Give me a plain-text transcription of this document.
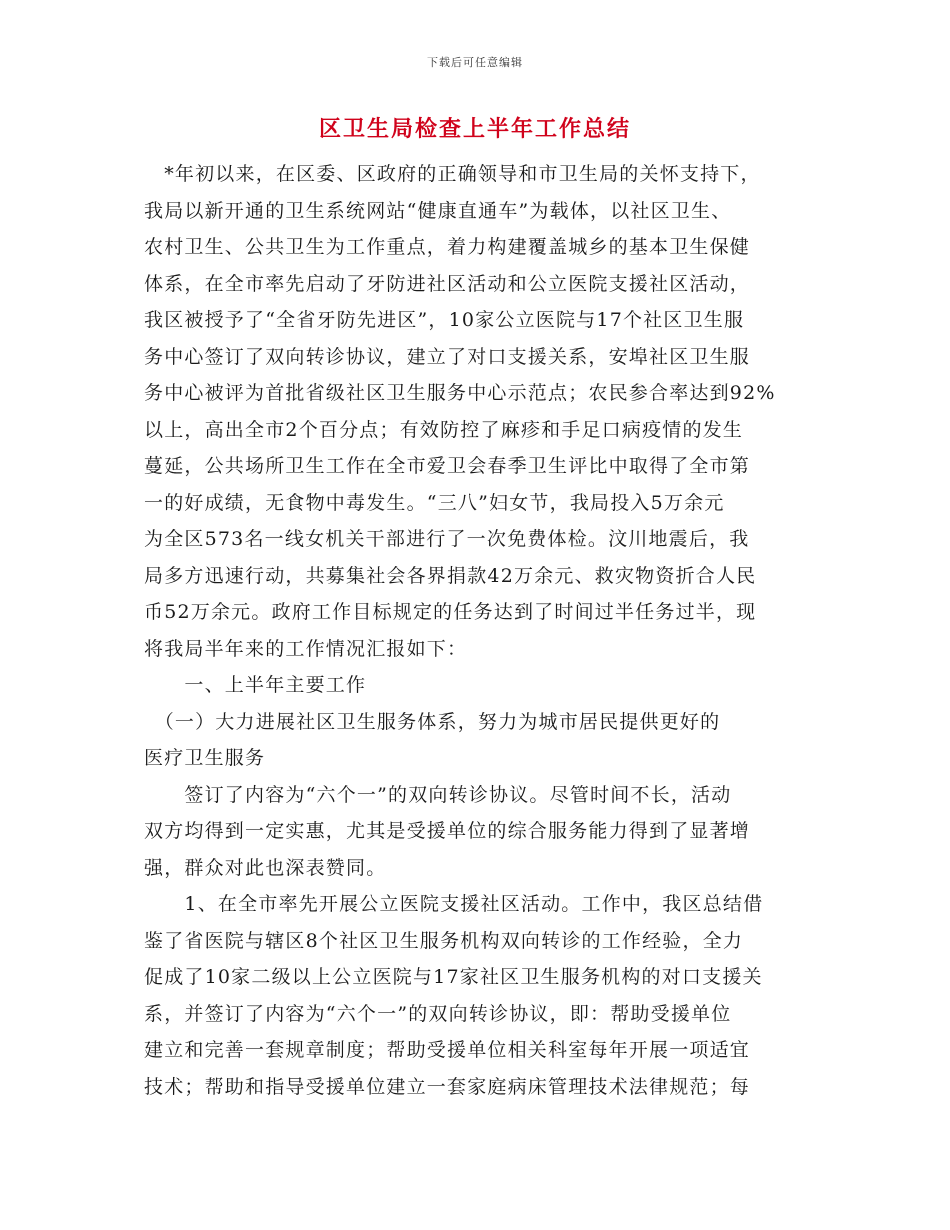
下载后可任意编辑
区卫生局检查上半年工作总结
　*年初以来，在区委、区政府的正确领导和市卫生局的关怀支持下，
我局以新开通的卫生系统网站“健康直通车”为载体，以社区卫生、
农村卫生、公共卫生为工作重点，着力构建覆盖城乡的基本卫生保健
体系，在全市率先启动了牙防进社区活动和公立医院支援社区活动，
我区被授予了“全省牙防先进区”，10家公立医院与17个社区卫生服
务中心签订了双向转诊协议，建立了对口支援关系，安埠社区卫生服
务中心被评为首批省级社区卫生服务中心示范点；农民参合率达到92%
以上，高出全市2个百分点；有效防控了麻疹和手足口病疫情的发生
蔓延，公共场所卫生工作在全市爱卫会春季卫生评比中取得了全市第
一的好成绩，无食物中毒发生。“三八”妇女节，我局投入5万余元
为全区573名一线女机关干部进行了一次免费体检。汶川地震后，我
局多方迅速行动，共募集社会各界捐款42万余元、救灾物资折合人民
币52万余元。政府工作目标规定的任务达到了时间过半任务过半，现
将我局半年来的工作情况汇报如下：
　　一、上半年主要工作
　（一）大力进展社区卫生服务体系，努力为城市居民提供更好的
医疗卫生服务
　　签订了内容为“六个一”的双向转诊协议。尽管时间不长，活动
双方均得到一定实惠，尤其是受援单位的综合服务能力得到了显著增
强，群众对此也深表赞同。
　　1、在全市率先开展公立医院支援社区活动。工作中，我区总结借
鉴了省医院与辖区8个社区卫生服务机构双向转诊的工作经验，全力
促成了10家二级以上公立医院与17家社区卫生服务机构的对口支援关
系，并签订了内容为“六个一”的双向转诊协议，即：帮助受援单位
建立和完善一套规章制度；帮助受援单位相关科室每年开展一项适宜
技术；帮助和指导受援单位建立一套家庭病床管理技术法律规范；每
